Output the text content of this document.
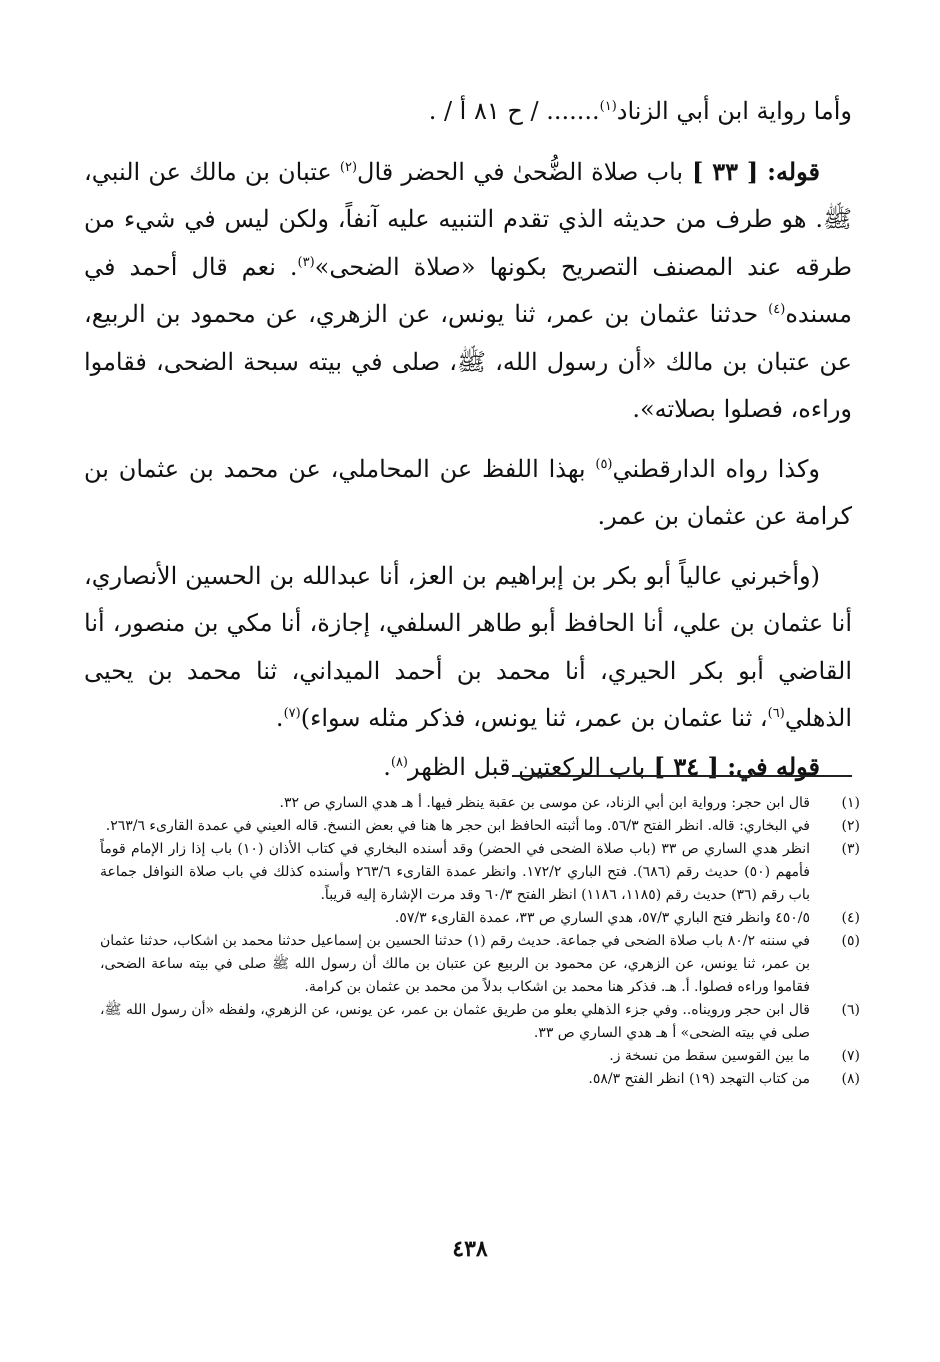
وأما رواية ابن أبي الزناد$^{(١)}$....... / ح ٨١ أ / .

قوله: [ ٣٣ ] باب صلاة الضُّحىٰ في الحضر قال$^{(٢)}$ عتبان بن مالك عن النبي، ﷺ. هو طرف من حديثه الذي تقدم التنبيه عليه آنفاً، ولكن ليس في شيء من طرقه عند المصنف التصريح بكونها «صلاة الضحى»$^{(٣)}$. نعم قال أحمد في مسنده$^{(٤)}$ حدثنا عثمان بن عمر، ثنا يونس، عن الزهري، عن محمود بن الربيع، عن عتبان بن مالك «أن رسول الله، ﷺ، صلى في بيته سبحة الضحى، فقاموا وراءه، فصلوا بصلاته».

وكذا رواه الدارقطني$^{(٥)}$ بهذا اللفظ عن المحاملي، عن محمد بن عثمان بن كرامة عن عثمان بن عمر.

(وأخبرني عالياً أبو بكر بن إبراهيم بن العز، أنا عبدالله بن الحسين الأنصاري، أنا عثمان بن علي، أنا الحافظ أبو طاهر السلفي، إجازة، أنا مكي بن منصور، أنا القاضي أبو بكر الحيري، أنا محمد بن أحمد الميداني، ثنا محمد بن يحيى الذهلي$^{(٦)}$، ثنا عثمان بن عمر، ثنا يونس، فذكر مثله سواء)$^{(٧)}$.

قوله في: [ ٣٤ ] باب الركعتين قبل الظهر$^{(٨)}$.

(١)
قال ابن حجر: ورواية ابن أبي الزناد، عن موسى بن عقبة ينظر فيها. أ هـ هدي الساري ص ٣٢.
(٢)
في البخاري: قاله. انظر الفتح ٥٦/٣. وما أثبته الحافظ ابن حجر ها هنا في بعض النسخ. قاله العيني في عمدة القارىء ٢٦٣/٦.
(٣)
انظر هدي الساري ص ٣٣ (باب صلاة الضحى في الحضر) وقد أسنده البخاري في كتاب الأذان (١٠) باب إذا زار الإمام قوماً فأمهم (٥٠) حديث رقم (٦٨٦). فتح الباري ١٧٢/٢. وانظر عمدة القارىء ٢٦٣/٦ وأسنده كذلك في باب صلاة النوافل جماعة باب رقم (٣٦) حديث رقم (١١٨٥، ١١٨٦) انظر الفتح ٦٠/٣ وقد مرت الإشارة إليه قريباً.
(٤)
٤٥٠/٥ وانظر فتح الباري ٥٧/٣، هدي الساري ص ٣٣، عمدة القارىء ٥٧/٣.
(٥)
في سننه ٨٠/٢ باب صلاة الضحى في جماعة. حديث رقم (١) حدثنا الحسين بن إسماعيل حدثنا محمد بن اشكاب، حدثنا عثمان بن عمر، ثنا يونس، عن الزهري، عن محمود بن الربيع عن عتبان بن مالك أن رسول الله ﷺ صلى في بيته ساعة الضحى، فقاموا وراءه فصلوا. أ. هـ. فذكر هنا محمد بن اشكاب بدلاً من محمد بن عثمان بن كرامة.
(٦)
قال ابن حجر ورويناه.. وفي جزء الذهلي بعلو من طريق عثمان بن عمر، عن يونس، عن الزهري، ولفظه «أن رسول الله ﷺ، صلى في بيته الضحى» أ هـ هدي الساري ص ٣٣.
(٧)
ما بين القوسين سقط من نسخة ز.
(٨)
من كتاب التهجد (١٩) انظر الفتح ٥٨/٣.
٤٣٨
